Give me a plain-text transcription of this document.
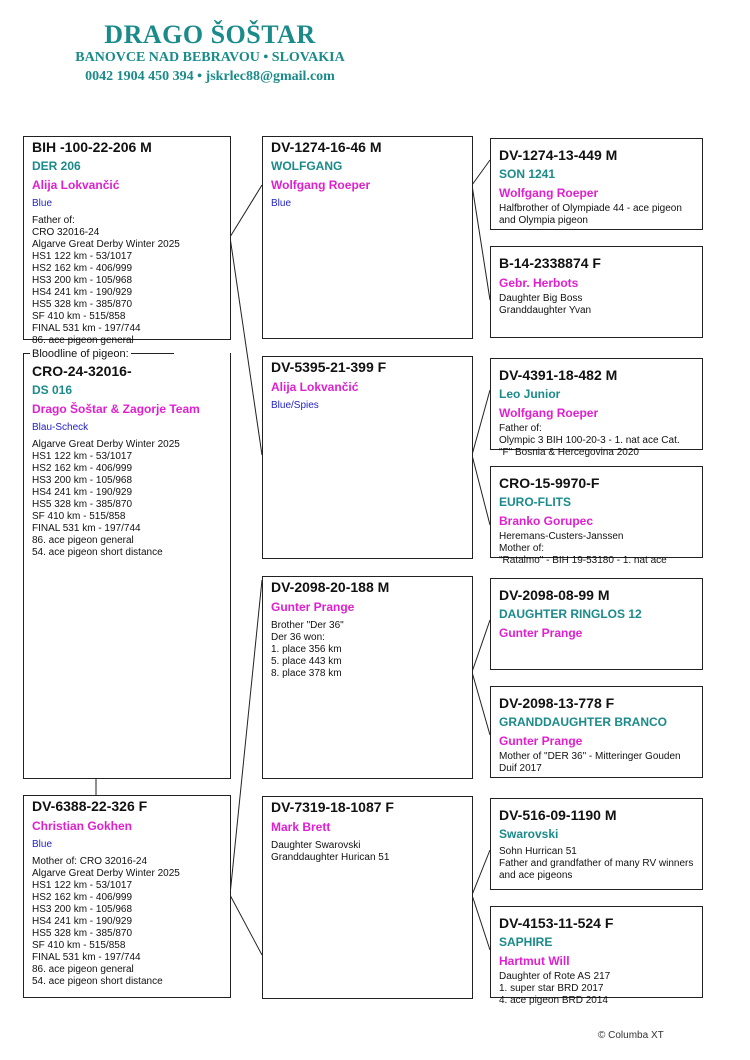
DRAGO ŠOŠTAR
BANOVCE NAD BEBRAVOU • SLOVAKIA
0042 1904 450 394 • jskrlec88@gmail.com
BIH -100-22-206 M
DER 206
Alija Lokvančić
Blue
Father of:
CRO 32016-24
Algarve Great Derby Winter 2025
HS1 122 km - 53/1017
HS2 162 km - 406/999
HS3 200 km - 105/968
HS4 241 km - 190/929
HS5 328 km - 385/870
SF 410 km - 515/858
FINAL 531 km - 197/744
86. ace pigeon general
CRO-24-32016-
DS 016
Drago Šoštar & Zagorje Team
Blau-Scheck
Algarve Great Derby Winter 2025
HS1 122 km - 53/1017
HS2 162 km - 406/999
HS3 200 km - 105/968
HS4 241 km - 190/929
HS5 328 km - 385/870
SF 410 km - 515/858
FINAL 531 km - 197/744
86. ace pigeon general
54. ace pigeon short distance
Bloodline of pigeon:
DV-6388-22-326 F
Christian Gokhen
Blue
Mother of: CRO 32016-24
Algarve Great Derby Winter 2025
HS1 122 km - 53/1017
HS2 162 km - 406/999
HS3 200 km - 105/968
HS4 241 km - 190/929
HS5 328 km - 385/870
SF 410 km - 515/858
FINAL 531 km - 197/744
86. ace pigeon general
54. ace pigeon short distance
DV-1274-16-46 M
WOLFGANG
Wolfgang Roeper
Blue
DV-5395-21-399 F
Alija Lokvančić
Blue/Spies
DV-2098-20-188 M
Gunter Prange
Brother "Der 36"
Der 36 won:
1. place 356 km
5. place 443 km
8. place 378 km
DV-7319-18-1087 F
Mark Brett
Daughter Swarovski
Granddaughter Hurican 51
DV-1274-13-449 M
SON 1241
Wolfgang Roeper
Halfbrother of Olympiade 44 - ace pigeon and Olympia pigeon
B-14-2338874 F
Gebr. Herbots
Daughter Big Boss
Granddaughter Yvan
DV-4391-18-482 M
Leo Junior
Wolfgang Roeper
Father of:
Olympic 3 BIH 100-20-3 - 1. nat ace Cat. "F" Bosnia & Hercegovina 2020
CRO-15-9970-F
EURO-FLITS
Branko Gorupec
Heremans-Custers-Janssen
Mother of:
"Ratalmo" - BIH 19-53180 - 1. nat ace
DV-2098-08-99 M
DAUGHTER RINGLOS 12
Gunter Prange
DV-2098-13-778 F
GRANDDAUGHTER BRANCO
Gunter Prange
Mother of "DER 36" - Mitteringer Gouden Duif 2017
DV-516-09-1190 M
Swarovski
Sohn Hurrican 51
Father and grandfather of many RV winners and ace pigeons
DV-4153-11-524 F
SAPHIRE
Hartmut Will
Daughter of Rote AS 217
1. super star BRD 2017
4. ace pigeon BRD 2014
© Columba XT
